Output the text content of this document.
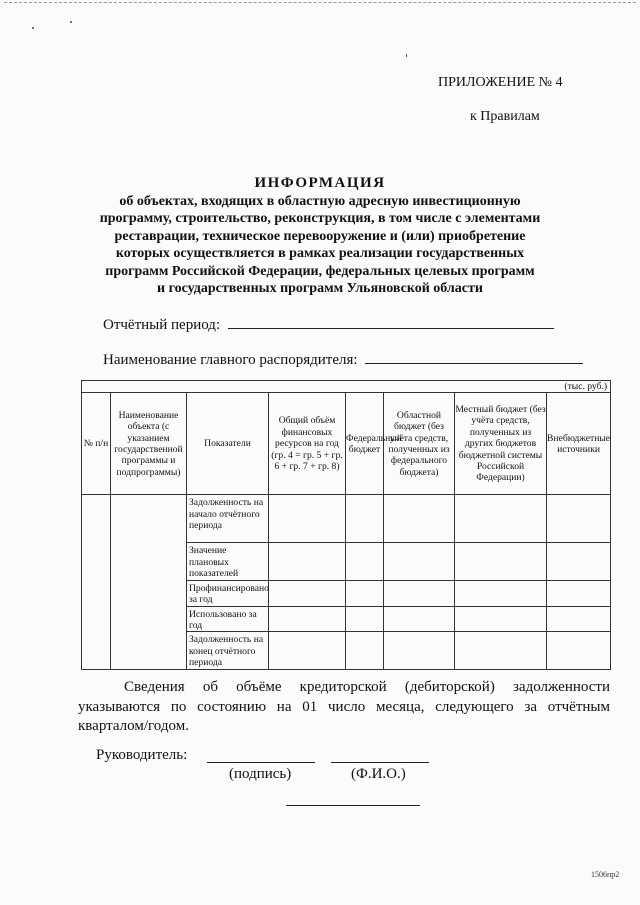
ПРИЛОЖЕНИЕ № 4
к Правилам
ИНФОРМАЦИЯ
об объектах, входящих в областную адресную инвестиционную
программу, строительство, реконструкция, в том числе с элементами
реставрации, техническое перевооружение и (или) приобретение
которых осуществляется в рамках реализации государственных
программ Российской Федерации, федеральных целевых программ
и государственных программ Ульяновской области
Отчётный период:
Наименование главного распорядителя:
(тыс. руб.)							
№ п/н	Наименование объекта (с указанием государственной программы и подпрограммы)	Показатели	Общий объём финансовых ресурсов на год (гр. 4 = гр. 5 + гр. 6 + гр. 7 + гр. 8)	Федеральный бюджет	Областной бюджет (без учёта средств, полученных из федерального бюджета)	Местный бюджет (без учёта средств, полученных из других бюджетов бюджетной системы Российской Федерации)	Внебюджетные источники
		Задолженность на начало отчётного периода					
		Значение плановых показателей					
		Профинансировано за год					
		Использовано за год					
		Задолженность на конец отчётного периода					
Сведения об объёме кредиторской (дебиторской) задолженности указываются по состоянию на 01 число месяца, следующего за отчётным кварталом/годом.
Руководитель:
(подпись)	(Ф.И.О.)
1506пр2
